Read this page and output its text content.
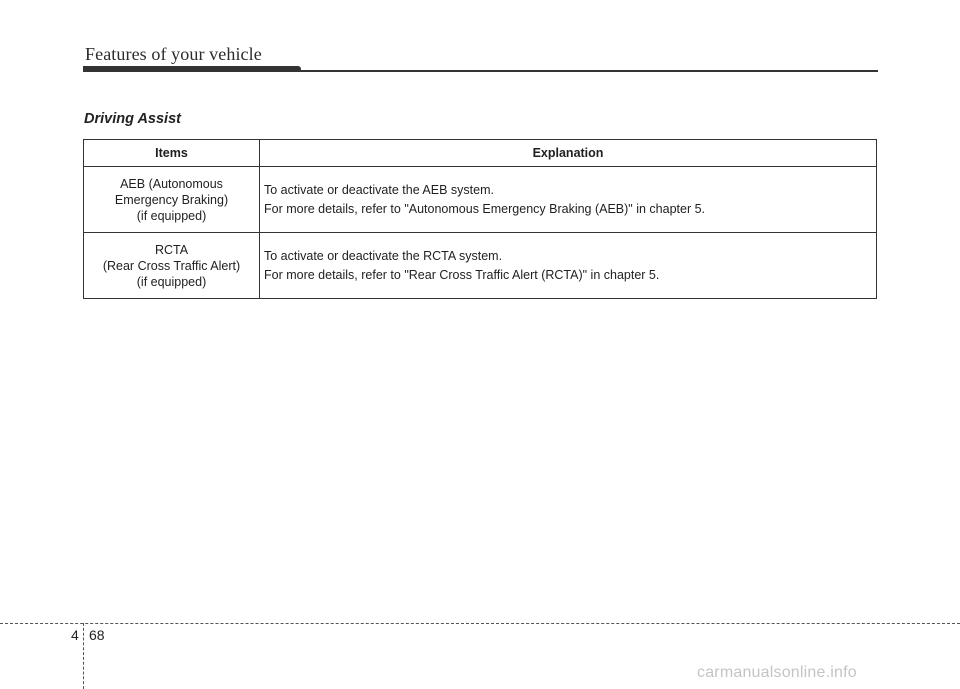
Features of your vehicle
Driving Assist
Items	Explanation

AEB (Autonomous
Emergency Braking)
(if equipped)	To activate or deactivate the AEB system.
For more details, refer to "Autonomous Emergency Braking (AEB)" in chapter 5.

RCTA
(Rear Cross Traffic Alert)
(if equipped)	To activate or deactivate the RCTA system.
For more details, refer to "Rear Cross Traffic Alert (RCTA)" in chapter 5.
4 68
carmanualsonline.info
